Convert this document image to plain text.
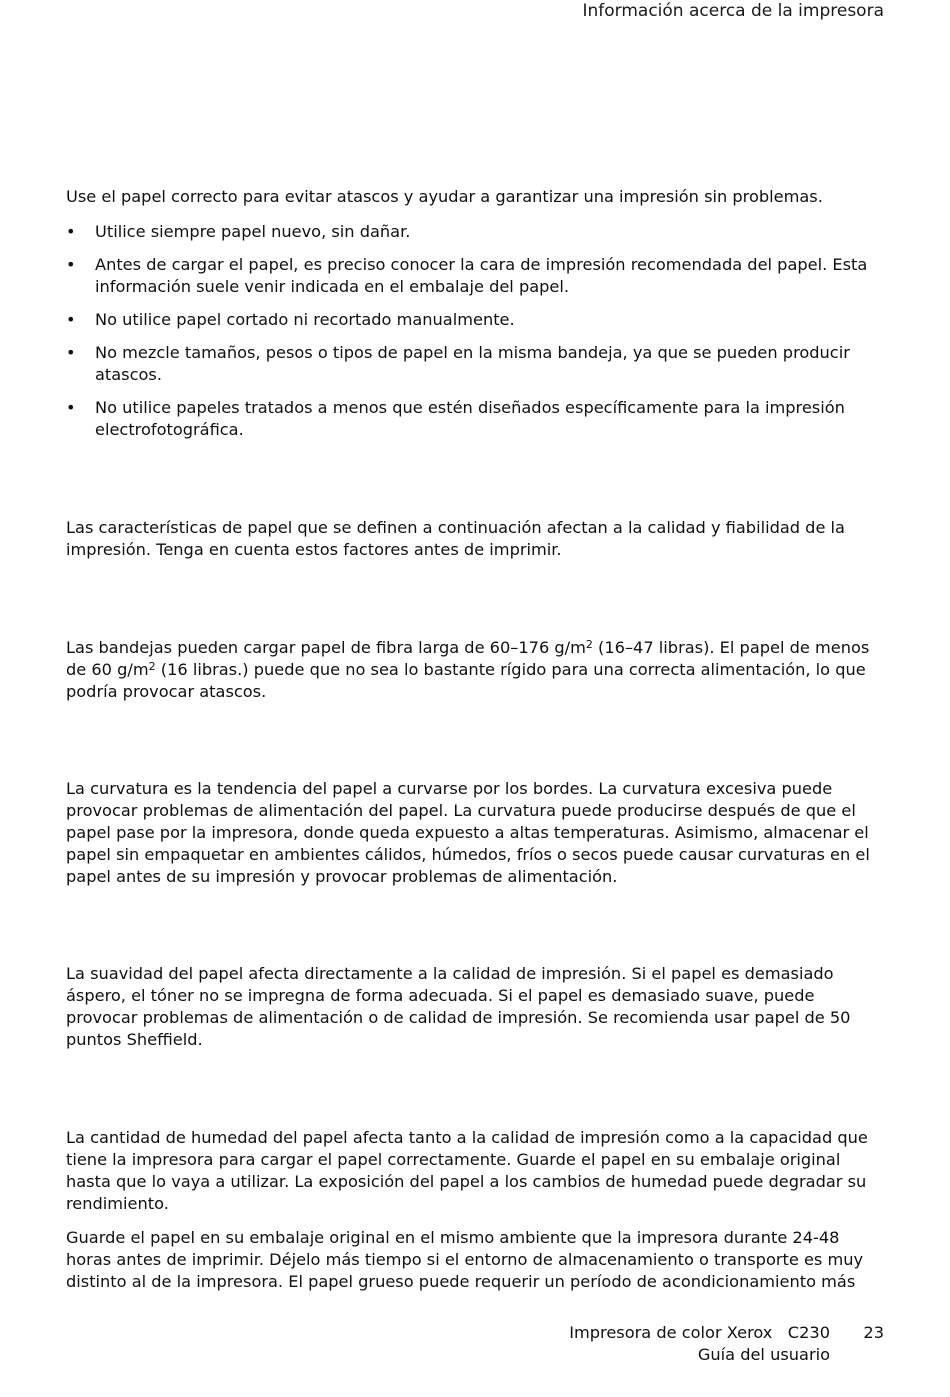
Información acerca de la impresora

Use el papel correcto para evitar atascos y ayudar a garantizar una impresión sin problemas.

• Utilice siempre papel nuevo, sin dañar.
• Antes de cargar el papel, es preciso conocer la cara de impresión recomendada del papel. Esta información suele venir indicada en el embalaje del papel.
• No utilice papel cortado ni recortado manualmente.
• No mezcle tamaños, pesos o tipos de papel en la misma bandeja, ya que se pueden producir atascos.
• No utilice papeles tratados a menos que estén diseñados específicamente para la impresión electrofotográfica.

Las características de papel que se definen a continuación afectan a la calidad y fiabilidad de la impresión. Tenga en cuenta estos factores antes de imprimir.

Las bandejas pueden cargar papel de fibra larga de 60–176 $g/m^2$ (16–47 libras). El papel de menos de 60 $g/m^2$ (16 libras.) puede que no sea lo bastante rígido para una correcta alimentación, lo que podría provocar atascos.

La curvatura es la tendencia del papel a curvarse por los bordes. La curvatura excesiva puede provocar problemas de alimentación del papel. La curvatura puede producirse después de que el papel pase por la impresora, donde queda expuesto a altas temperaturas. Asimismo, almacenar el papel sin empaquetar en ambientes cálidos, húmedos, fríos o secos puede causar curvaturas en el papel antes de su impresión y provocar problemas de alimentación.

La suavidad del papel afecta directamente a la calidad de impresión. Si el papel es demasiado áspero, el tóner no se impregna de forma adecuada. Si el papel es demasiado suave, puede provocar problemas de alimentación o de calidad de impresión. Se recomienda usar papel de 50 puntos Sheffield.

La cantidad de humedad del papel afecta tanto a la calidad de impresión como a la capacidad que tiene la impresora para cargar el papel correctamente. Guarde el papel en su embalaje original hasta que lo vaya a utilizar. La exposición del papel a los cambios de humedad puede degradar su rendimiento.

Guarde el papel en su embalaje original en el mismo ambiente que la impresora durante 24-48 horas antes de imprimir. Déjelo más tiempo si el entorno de almacenamiento o transporte es muy distinto al de la impresora. El papel grueso puede requerir un período de acondicionamiento más

Impresora de color Xerox   C230
Guía del usuario
23
